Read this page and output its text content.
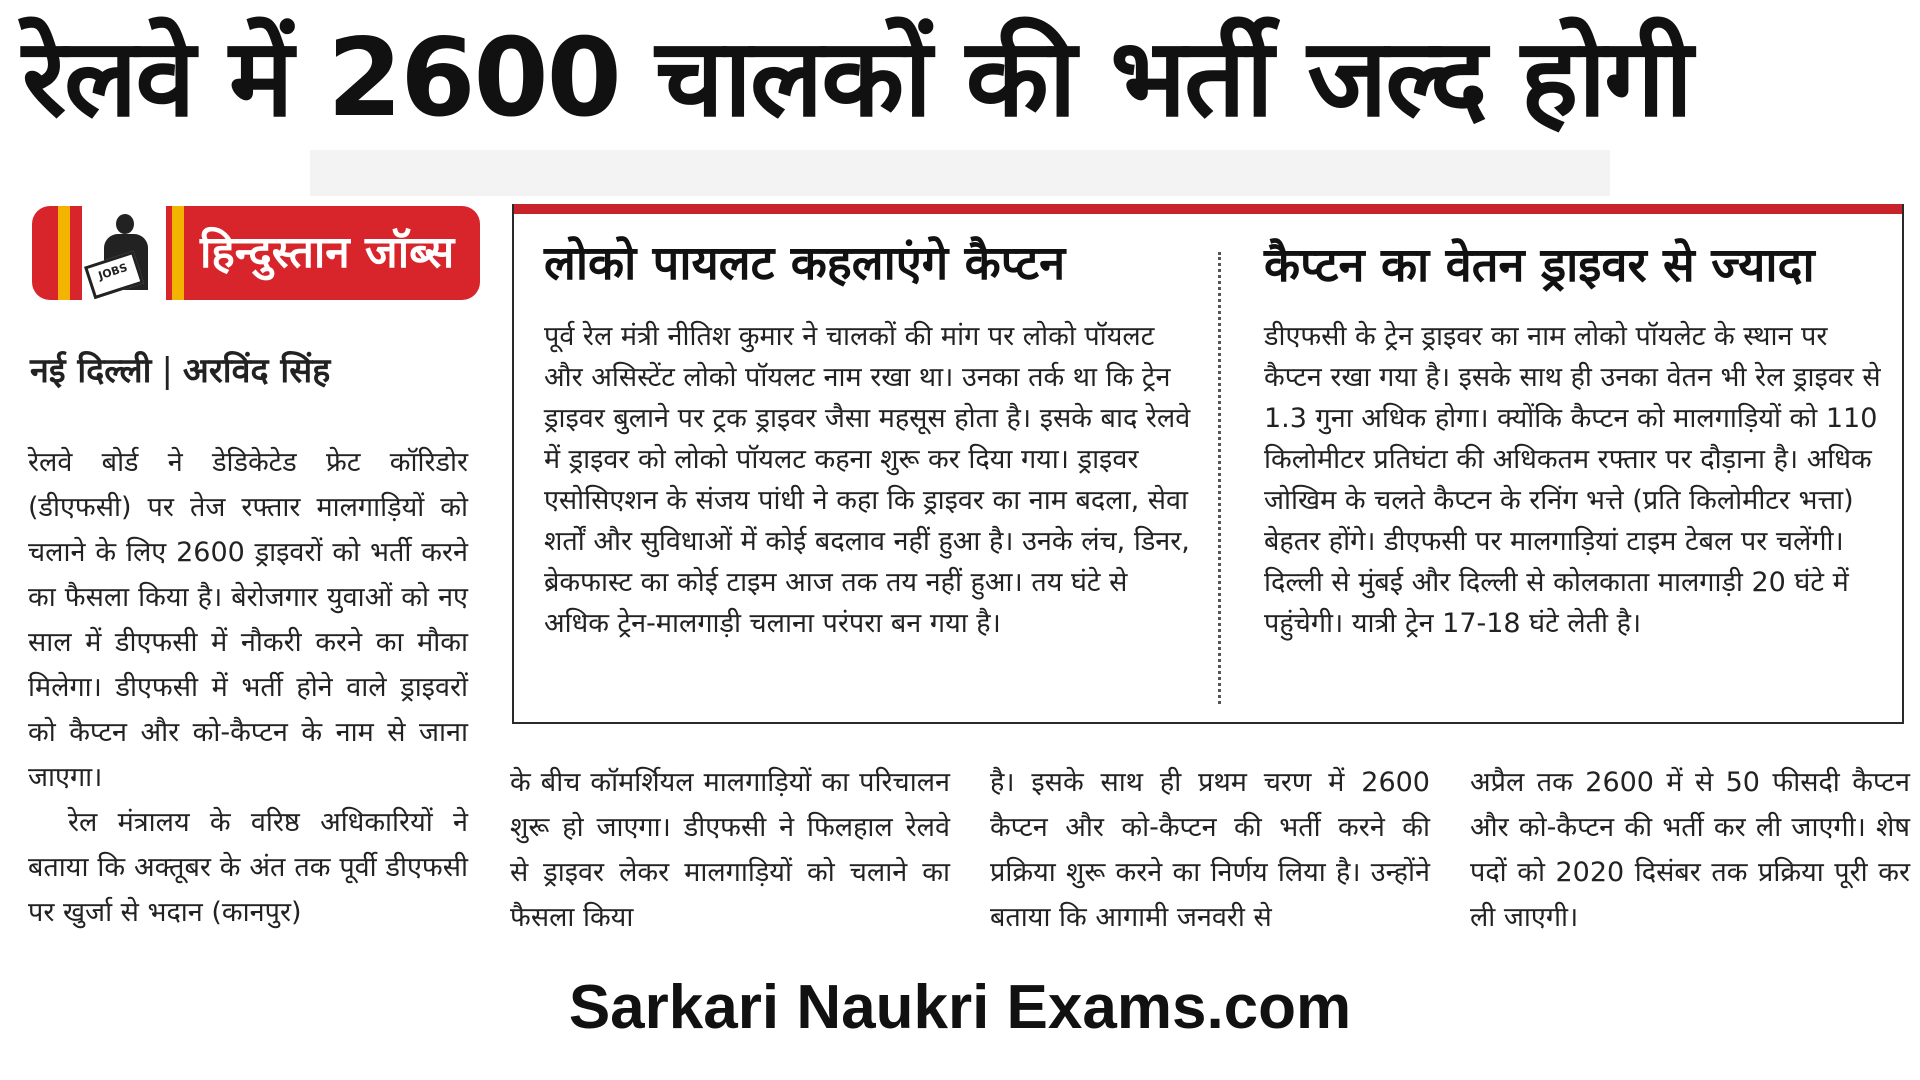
रेलवे में 2600 चालकों की भर्ती जल्द होगी
JOBS	हिन्दुस्तान जॉब्स
नई दिल्ली | अरविंद सिंह

रेलवे बोर्ड ने डेडिकेटेड फ्रेट कॉरिडोर (डीएफसी) पर तेज रफ्तार मालगाड़ियों को चलाने के लिए 2600 ड्राइवरों को भर्ती करने का फैसला किया है। बेरोजगार युवाओं को नए साल में डीएफसी में नौकरी करने का मौका मिलेगा। डीएफसी में भर्ती होने वाले ड्राइवरों को कैप्टन और को-कैप्टन के नाम से जाना जाएगा।

रेल मंत्रालय के वरिष्ठ अधिकारियों ने बताया कि अक्तूबर के अंत तक पूर्वी डीएफसी पर खुर्जा से भदान (कानपुर)

लोको पायलट कहलाएंगे कैप्टन

पूर्व रेल मंत्री नीतिश कुमार ने चालकों की मांग पर लोको पॉयलट और असिस्टेंट लोको पॉयलट नाम रखा था। उनका तर्क था कि ट्रेन ड्राइवर बुलाने पर ट्रक ड्राइवर जैसा महसूस होता है। इसके बाद रेलवे में ड्राइवर को लोको पॉयलट कहना शुरू कर दिया गया। ड्राइवर एसोसिएशन के संजय पांधी ने कहा कि ड्राइवर का नाम बदला, सेवा शर्तों और सुविधाओं में कोई बदलाव नहीं हुआ है। उनके लंच, डिनर, ब्रेकफास्ट का कोई टाइम आज तक तय नहीं हुआ। तय घंटे से अधिक ट्रेन-मालगाड़ी चलाना परंपरा बन गया है।

कैप्टन का वेतन ड्राइवर से ज्यादा

डीएफसी के ट्रेन ड्राइवर का नाम लोको पॉयलेट के स्थान पर कैप्टन रखा गया है। इसके साथ ही उनका वेतन भी रेल ड्राइवर से 1.3 गुना अधिक होगा। क्योंकि कैप्टन को मालगाड़ियों को 110 किलोमीटर प्रतिघंटा की अधिकतम रफ्तार पर दौड़ाना है। अधिक जोखिम के चलते कैप्टन के रनिंग भत्ते (प्रति किलोमीटर भत्ता) बेहतर होंगे। डीएफसी पर मालगाड़ियां टाइम टेबल पर चलेंगी। दिल्ली से मुंबई और दिल्ली से कोलकाता मालगाड़ी 20 घंटे में पहुंचेगी। यात्री ट्रेन 17-18 घंटे लेती है।

के बीच कॉमर्शियल मालगाड़ियों का परिचालन शुरू हो जाएगा। डीएफसी ने फिलहाल रेलवे से ड्राइवर लेकर मालगाड़ियों को चलाने का फैसला किया

है। इसके साथ ही प्रथम चरण में 2600 कैप्टन और को-कैप्टन की भर्ती करने की प्रक्रिया शुरू करने का निर्णय लिया है। उन्होंने बताया कि आगामी जनवरी से

अप्रैल तक 2600 में से 50 फीसदी कैप्टन और को-कैप्टन की भर्ती कर ली जाएगी। शेष पदों को 2020 दिसंबर तक प्रक्रिया पूरी कर ली जाएगी।

Sarkari Naukri Exams.com
